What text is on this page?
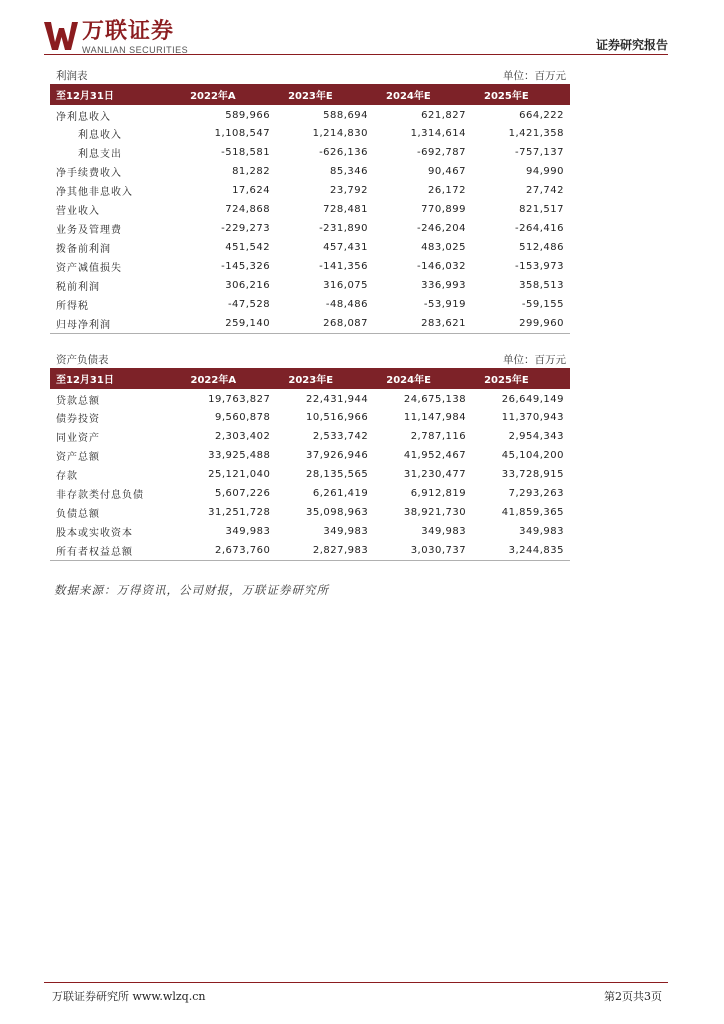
万联证券
WANLIAN SECURITIES	证券研究报告
利润表	单位：百万元
至12月31日	2022年A	2023年E	2024年E	2025年E
净利息收入	589,966	588,694	621,827	664,222
利息收入	1,108,547	1,214,830	1,314,614	1,421,358
利息支出	-518,581	-626,136	-692,787	-757,137
净手续费收入	81,282	85,346	90,467	94,990
净其他非息收入	17,624	23,792	26,172	27,742
营业收入	724,868	728,481	770,899	821,517
业务及管理费	-229,273	-231,890	-246,204	-264,416
拨备前利润	451,542	457,431	483,025	512,486
资产减值损失	-145,326	-141,356	-146,032	-153,973
税前利润	306,216	316,075	336,993	358,513
所得税	-47,528	-48,486	-53,919	-59,155
归母净利润	259,140	268,087	283,621	299,960
资产负债表	单位：百万元
至12月31日	2022年A	2023年E	2024年E	2025年E
贷款总额	19,763,827	22,431,944	24,675,138	26,649,149
债券投资	9,560,878	10,516,966	11,147,984	11,370,943
同业资产	2,303,402	2,533,742	2,787,116	2,954,343
资产总额	33,925,488	37,926,946	41,952,467	45,104,200
存款	25,121,040	28,135,565	31,230,477	33,728,915
非存款类付息负债	5,607,226	6,261,419	6,912,819	7,293,263
负债总额	31,251,728	35,098,963	38,921,730	41,859,365
股本或实收资本	349,983	349,983	349,983	349,983
所有者权益总额	2,673,760	2,827,983	3,030,737	3,244,835
数据来源：万得资讯，公司财报，万联证券研究所
万联证券研究所 www.wlzq.cn	第2页共3页
